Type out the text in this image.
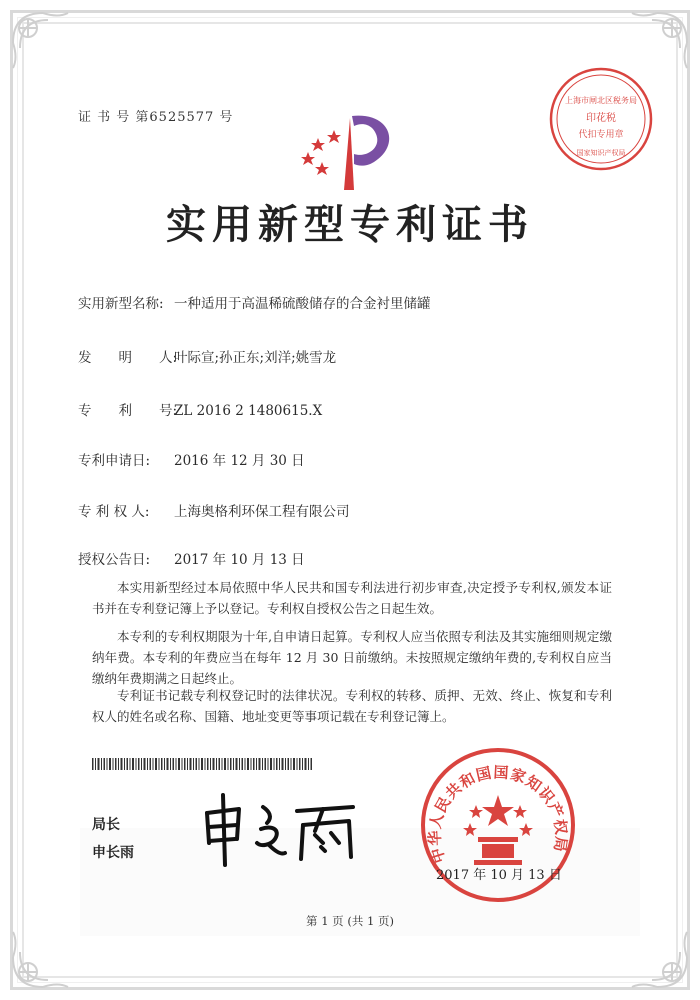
证 书 号 第6525577 号
上海市闸北区税务局
印花税
代扣专用章
国家知识产权局
实用新型专利证书
实用新型名称: 一种适用于高温稀硫酸储存的合金衬里储罐
发　　明　　人:叶际宣;孙正东;刘洋;姚雪龙
专　　利　　号:ZL 2016 2 1480615.X
专利申请日: 2016 年 12 月 30 日
专 利 权 人: 上海奥格利环保工程有限公司
授权公告日: 2017 年 10 月 13 日
本实用新型经过本局依照中华人民共和国专利法进行初步审查,决定授予专利权,颁发本证书并在专利登记簿上予以登记。专利权自授权公告之日起生效。
本专利的专利权期限为十年,自申请日起算。专利权人应当依照专利法及其实施细则规定缴纳年费。本专利的年费应当在每年 12 月 30 日前缴纳。未按照规定缴纳年费的,专利权自应当缴纳年费期满之日起终止。
专利证书记载专利权登记时的法律状况。专利权的转移、质押、无效、终止、恢复和专利权人的姓名或名称、国籍、地址变更等事项记载在专利登记簿上。
局长
申长雨	中华人民共和国国家知识产权局
2017 年 10 月 13 日
第 1 页 (共 1 页)
